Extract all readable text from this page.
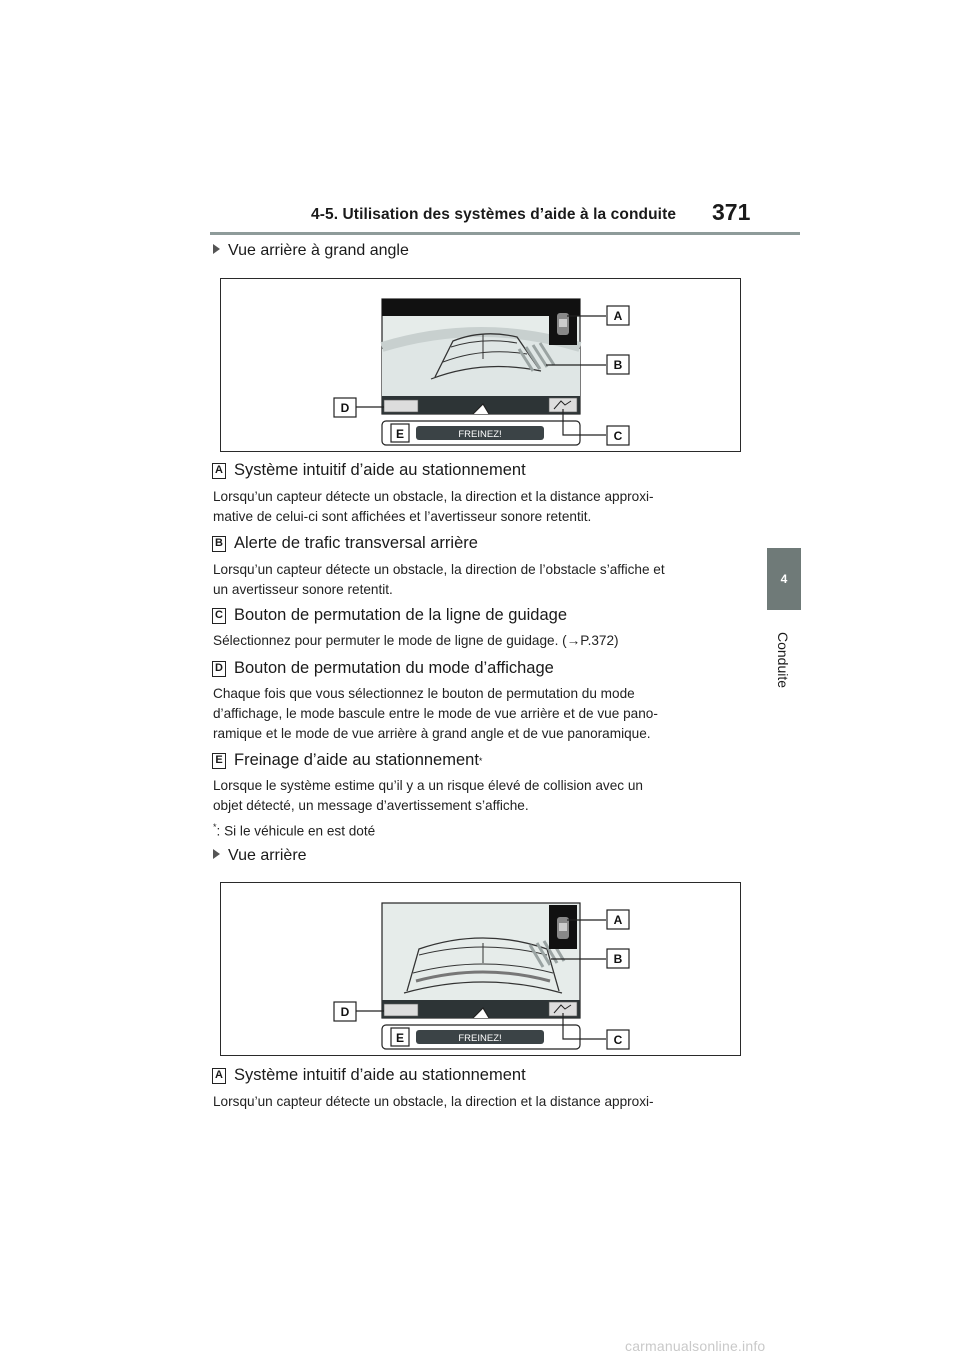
4-5. Utilisation des systèmes d’aide à la conduite 371
4
Conduite
Vue arrière à grand angle
FREINEZ!
A
B
C
D
E
A Système intuitif d’aide au stationnement
Lorsqu’un capteur détecte un obstacle, la direction et la distance approxi-
mative de celui-ci sont affichées et l’avertisseur sonore retentit.
B Alerte de trafic transversal arrière
Lorsqu’un capteur détecte un obstacle, la direction de l’obstacle s’affiche et
un avertisseur sonore retentit.
C Bouton de permutation de la ligne de guidage
Sélectionnez pour permuter le mode de ligne de guidage. (→P.372)
D Bouton de permutation du mode d’affichage
Chaque fois que vous sélectionnez le bouton de permutation du mode
d’affichage, le mode bascule entre le mode de vue arrière et de vue pano-
ramique et le mode de vue arrière à grand angle et de vue panoramique.
E Freinage d’aide au stationnement *
Lorsque le système estime qu’il y a un risque élevé de collision avec un
objet détecté, un message d’avertissement s’affiche.
*: Si le véhicule en est doté
Vue arrière
FREINEZ!
A
B
C
D
E
A Système intuitif d’aide au stationnement
Lorsqu’un capteur détecte un obstacle, la direction et la distance approxi-
carmanualsonline.info
